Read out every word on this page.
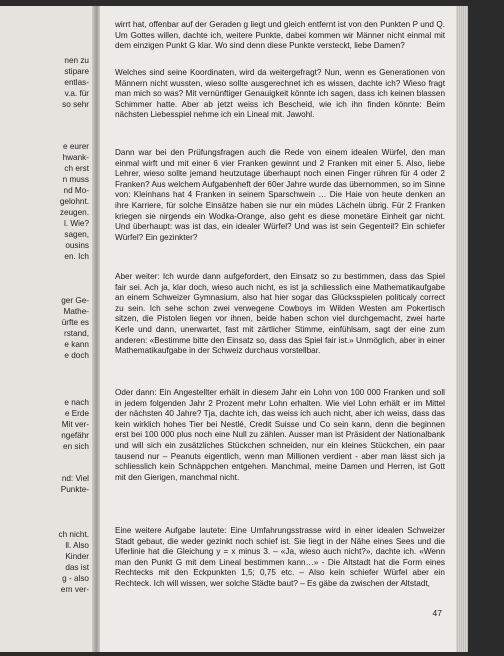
nen zu
stipare
entlas-
v.a. für
so sehr
e eurer
hwank-
ch erst
n muss
nd Mo-
gelohnt.
zeugen.
l. Wie?
sagen,
ousins
en. Ich
ger Ge-
Mathe-
ürfte es
rstand,
e kann
e doch
e nach
e Erde
Mit ver-
ngefähr
en sich
nd: Viel
Punkte-
ch nicht.
ll. Also
Kinder
das ist
g - also
ern ver-

wirrt hat, offenbar auf der Geraden g liegt und gleich entfernt ist von den Punkten P und Q. Um Gottes willen, dachte ich, weitere Punkte, dabei kommen wir Männer nicht einmal mit dem einzigen Punkt G klar. Wo sind denn diese Punkte versteckt, liebe Damen?

Welches sind seine Koordinaten, wird da weitergefragt? Nun, wenn es Generationen von Männern nicht wussten, wieso sollte ausgerechnet ich es wissen, dachte ich? Wieso fragt man mich so was? Mit vernünftiger Genauigkeit könnte ich sagen, dass ich keinen blassen Schimmer hatte. Aber ab jetzt weiss ich Bescheid, wie ich ihn finden könnte: Beim nächsten Liebesspiel nehme ich ein Lineal mit. Jawohl.

Dann war bei den Prüfungsfragen auch die Rede von einem idealen Würfel, den man einmal wirft und mit einer 6 vier Franken gewinnt und 2 Franken mit einer 5. Also, liebe Lehrer, wieso sollte jemand heutzutage überhaupt noch einen Finger rühren für 4 oder 2 Franken? Aus welchem Aufgabenheft der 60er Jahre wurde das übernommen, so im Sinne von: Kleinhans hat 4 Franken in seinem Sparschwein … Die Haie von heute denken an ihre Karriere, für solche Einsätze haben sie nur ein müdes Lächeln übrig. Für 2 Franken kriegen sie nirgends ein Wodka-Orange, also geht es diese monetäre Einheit gar nicht. Und überhaupt: was ist das, ein idealer Würfel? Und was ist sein Gegenteil? Ein schiefer Würfel? Ein gezinkter?

Aber weiter: Ich wurde dann aufgefordert, den Einsatz so zu bestimmen, dass das Spiel fair sei. Ach ja, klar doch, wieso auch nicht, es ist ja schliesslich eine Mathematikaufgabe an einem Schweizer Gymnasium, also hat hier sogar das Glücksspielen politicaly correct zu sein. Ich sehe schon zwei verwegene Cowboys im Wilden Westen am Pokertisch sitzen, die Pistolen liegen vor ihnen, beide haben schon viel durchgemacht, zwei harte Kerle und dann, unerwartet, fast mit zärtlicher Stimme, einfühlsam, sagt der eine zum anderen: «Bestimme bitte den Einsatz so, dass das Spiel fair ist.» Unmöglich, aber in einer Mathematikaufgabe in der Schweiz durchaus vorstellbar.

Oder dann: Ein Angestellter erhält in diesem Jahr ein Lohn von 100 000 Franken und soll in jedem folgenden Jahr 2 Prozent mehr Lohn erhalten. Wie viel Lohn erhält er im Mittel der nächsten 40 Jahre? Tja, dachte ich, das weiss ich auch nicht, aber ich weiss, dass das kein wirklich hohes Tier bei Nestlé, Credit Suisse und Co sein kann, denn die beginnen erst bei 100 000 plus noch eine Null zu zählen. Ausser man ist Präsident der Nationalbank und will sich ein zusätzliches Stückchen schneiden, nur ein kleines Stückchen, ein paar tausend nur – Peanuts eigentlich, wenn man Millionen verdient - aber man lässt sich ja schliesslich kein Schnäppchen entgehen. Manchmal, meine Damen und Herren, ist Gott mit den Gierigen, manchmal nicht.

Eine weitere Aufgabe lautete: Eine Umfahrungsstrasse wird in einer idealen Schweizer Stadt gebaut, die weder gezinkt noch schief ist. Sie liegt in der Nähe eines Sees und die Uferlinie hat die Gleichung y = x minus 3. – «Ja, wieso auch nicht?», dachte ich. «Wenn man den Punkt G mit dem Lineal bestimmen kann…» - Die Altstadt hat die Form eines Rechtecks mit den Eckpunkten 1,5; 0,75 etc. – Also kein schiefer Würfel aber ein Rechteck. Ich will wissen, wer solche Städte baut? – Es gäbe da zwischen der Altstadt,

47
